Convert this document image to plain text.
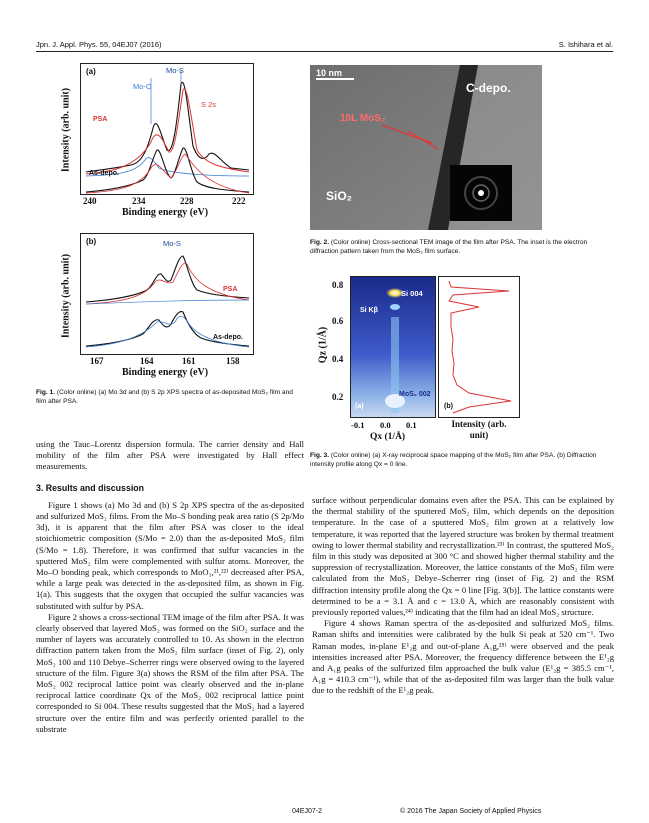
Jpn. J. Appl. Phys. 55, 04EJ07 (2016)	S. Ishihara et al.
Intensity (arb. unit)
(a)	Mo-S
Mo-O
S 2s
PSA
As-depo.
240	234	228	222
Binding energy (eV)
Intensity (arb. unit)
(b)	Mo-S
PSA
As-depo.
167	164	161	158
Binding energy (eV)
Fig. 1. (Color online) (a) Mo 3d and (b) S 2p XPS spectra of as-deposited MoS₂ film and film after PSA.
10 nm
C-depo.
10L MoS₂
SiO₂
Fig. 2. (Color online) Cross-sectional TEM image of the film after PSA. The inset is the electron diffraction pattern taken from the MoS₂ film surface.
Qz (1/Å)
0.8
0.6
0.4
0.2
Si 004
Si Kβ
MoS₂ 002
(a)
-0.1 0.0 0.1
Qx (1/Å)
(b)
Intensity (arb. unit)
Fig. 3. (Color online) (a) X-ray reciprocal space mapping of the MoS₂ film after PSA. (b) Diffraction intensity profile along Qx = 0 line.

using the Tauc–Lorentz dispersion formula. The carrier density and Hall mobility of the film after PSA were investigated by Hall effect measurements.

3. Results and discussion

Figure 1 shows (a) Mo 3d and (b) S 2p XPS spectra of the as-deposited and sulfurized MoS₂ films. From the Mo–S bonding peak area ratio (S 2p/Mo 3d), it is apparent that the film after PSA was closer to the ideal stoichiometric composition (S/Mo = 2.0) than the as-deposited MoS₂ film (S/Mo = 1.8). Therefore, it was confirmed that sulfur vacancies in the sputtered MoS₂ film were complemented with sulfur atoms. Moreover, the Mo–O bonding peak, which corresponds to MoO₃,²¹,²²⁾ decreased after PSA, while a large peak was detected in the as-deposited film, as shown in Fig. 1(a). This suggests that the oxygen that occupied the sulfur vacancies was substituted with sulfur by PSA.

Figure 2 shows a cross-sectional TEM image of the film after PSA. It was clearly observed that layered MoS₂ was formed on the SiO₂ surface and the number of layers was accurately controlled to 10. As shown in the electron diffraction pattern taken from the MoS₂ film surface (inset of Fig. 2), only MoS₂ 100 and 110 Debye–Scherrer rings were observed owing to the layered structure of the film. Figure 3(a) shows the RSM of the film after PSA. The MoS₂ 002 reciprocal lattice point was clearly observed and the in-plane reciprocal lattice coordinate Qx of the MoS₂ 002 reciprocal lattice point corresponded to Si 004. These results suggested that the MoS₂ had a layered structure over the entire film and was perfectly oriented parallel to the substrate

surface without perpendicular domains even after the PSA. This can be explained by the thermal stability of the sputtered MoS₂ film, which depends on the deposition temperature. In the case of a sputtered MoS₂ film grown at a relatively low temperature, it was reported that the layered structure was broken by thermal treatment owing to lower thermal stability and recrystallization.²³⁾ In contrast, the sputtered MoS₂ film in this study was deposited at 300 °C and showed higher thermal stability and the suppression of recrystallization. Moreover, the lattice constants of the MoS₂ film were calculated from the MoS₂ Debye–Scherrer ring (inset of Fig. 2) and the RSM diffraction intensity profile along the Qx = 0 line [Fig. 3(b)]. The lattice constants were determined to be a = 3.1 Å and c = 13.0 Å, which are reasonably consistent with previously reported values,²⁴⁾ indicating that the film had an ideal MoS₂ structure.

Figure 4 shows Raman spectra of the as-deposited and sulfurized MoS₂ films. Raman shifts and intensities were calibrated by the bulk Si peak at 520 cm⁻¹. Two Raman modes, in-plane E¹₂g and out-of-plane A₁g,²⁵⁾ were observed and the peak intensities increased after PSA. Moreover, the frequency difference between the E¹₂g and A₁g peaks of the sulfurized film approached the bulk value (E¹₂g = 385.5 cm⁻¹, A₁g = 410.3 cm⁻¹), while that of the as-deposited film was larger than the bulk value due to the redshift of the E¹₂g peak.

04EJ07-2	© 2016 The Japan Society of Applied Physics
